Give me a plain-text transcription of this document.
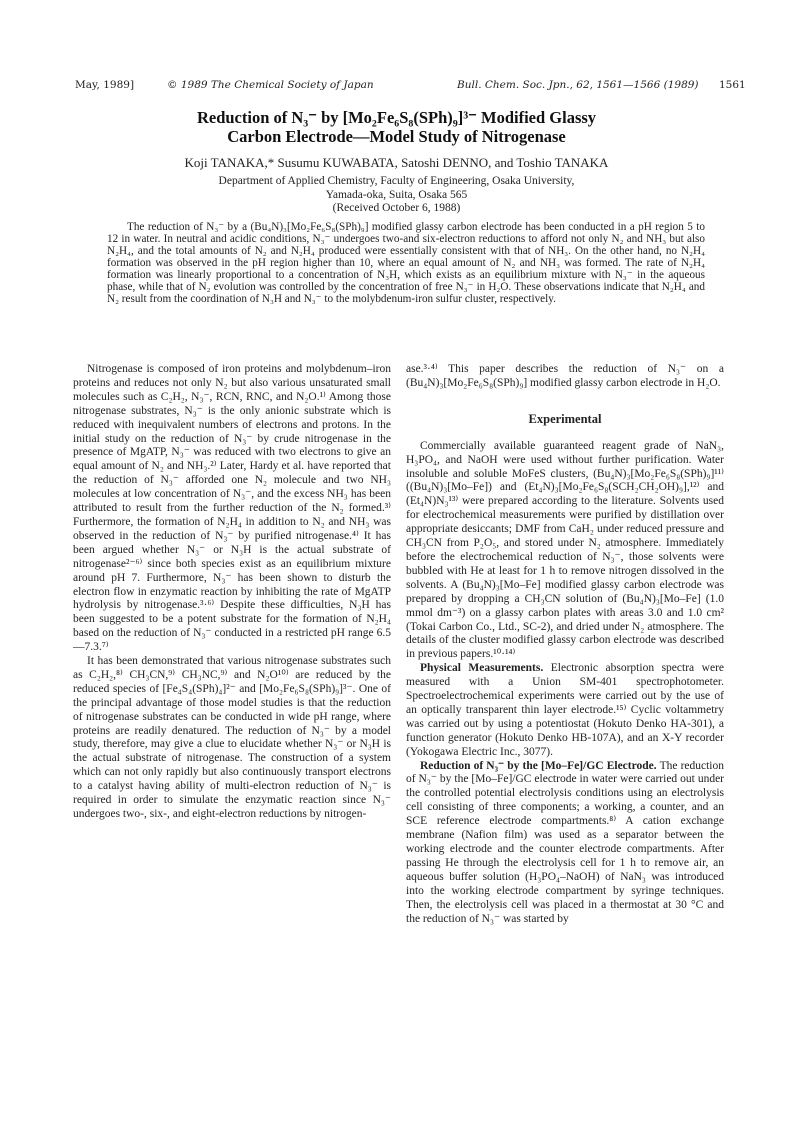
May, 1989]	© 1989 The Chemical Society of Japan	Bull. Chem. Soc. Jpn., 62, 1561—1566 (1989) 1561
Reduction of N₃⁻ by [Mo₂Fe₆S₈(SPh)₉]³⁻ Modified Glassy
Carbon Electrode—Model Study of Nitrogenase
Koji TANAKA,* Susumu KUWABATA, Satoshi DENNO, and Toshio TANAKA
Department of Applied Chemistry, Faculty of Engineering, Osaka University,
Yamada-oka, Suita, Osaka 565
(Received October 6, 1988)
The reduction of N₃⁻ by a (Bu₄N)₃[Mo₂Fe₆S₈(SPh)₉] modified glassy carbon electrode has been conducted in a pH region 5 to 12 in water. In neutral and acidic conditions, N₃⁻ undergoes two-and six-electron reductions to afford not only N₂ and NH₃ but also N₂H₄, and the total amounts of N₂ and N₂H₄ produced were essentially consistent with that of NH₃. On the other hand, no N₂H₄ formation was observed in the pH region higher than 10, where an equal amount of N₂ and NH₃ was formed. The rate of N₂H₄ formation was linearly proportional to a concentration of N₃H, which exists as an equilibrium mixture with N₃⁻ in the aqueous phase, while that of N₂ evolution was controlled by the concentration of free N₃⁻ in H₂O. These observations indicate that N₂H₄ and N₂ result from the coordination of N₃H and N₃⁻ to the molybdenum-iron sulfur cluster, respectively.

Nitrogenase is composed of iron proteins and molybdenum–iron proteins and reduces not only N₂ but also various unsaturated small molecules such as C₂H₂, N₃⁻, RCN, RNC, and N₂O.¹⁾ Among those nitrogenase substrates, N₃⁻ is the only anionic substrate which is reduced with inequivalent numbers of electrons and protons. In the initial study on the reduction of N₃⁻ by crude nitrogenase in the presence of MgATP, N₃⁻ was reduced with two electrons to give an equal amount of N₂ and NH₃.²⁾ Later, Hardy et al. have reported that the reduction of N₃⁻ afforded one N₂ molecule and two NH₃ molecules at low concentration of N₃⁻, and the excess NH₃ has been attributed to result from the further reduction of the N₂ formed.³⁾ Furthermore, the formation of N₂H₄ in addition to N₂ and NH₃ was observed in the reduction of N₃⁻ by purified nitrogenase.⁴⁾ It has been argued whether N₃⁻ or N₃H is the actual substrate of nitrogenase²⁻⁶⁾ since both species exist as an equilibrium mixture around pH 7. Furthermore, N₃⁻ has been shown to disturb the electron flow in enzymatic reaction by inhibiting the rate of MgATP hydrolysis by nitrogenase.³·⁶⁾ Despite these difficulties, N₃H has been suggested to be a potent substrate for the formation of N₂H₄ based on the reduction of N₃⁻ conducted in a restricted pH range 6.5—7.3.⁷⁾

It has been demonstrated that various nitrogenase substrates such as C₂H₂,⁸⁾ CH₃CN,⁹⁾ CH₃NC,⁹⁾ and N₂O¹⁰⁾ are reduced by the reduced species of [Fe₄S₄(SPh)₄]²⁻ and [Mo₂Fe₆S₈(SPh)₉]³⁻. One of the principal advantage of those model studies is that the reduction of nitrogenase substrates can be conducted in wide pH range, where proteins are readily denatured. The reduction of N₃⁻ by a model study, therefore, may give a clue to elucidate whether N₃⁻ or N₃H is the actual substrate of nitrogenase. The construction of a system which can not only rapidly but also continuously transport electrons to a catalyst having ability of multi-electron reduction of N₃⁻ is required in order to simulate the enzymatic reaction since N₃⁻ undergoes two-, six-, and eight-electron reductions by nitrogen-

ase.³·⁴⁾ This paper describes the reduction of N₃⁻ on a (Bu₄N)₃[Mo₂Fe₆S₈(SPh)₉] modified glassy carbon electrode in H₂O.

Experimental

Commercially available guaranteed reagent grade of NaN₃, H₃PO₄, and NaOH were used without further purification. Water insoluble and soluble MoFeS clusters, (Bu₄N)₃[Mo₂Fe₆S₈(SPh)₉]¹¹⁾ ((Bu₄N)₃[Mo–Fe]) and (Et₄N)₃[Mo₂Fe₆S₈(SCH₂CH₂OH)₉],¹²⁾ and (Et₄N)N₃¹³⁾ were prepared according to the literature. Solvents used for electrochemical measurements were purified by distillation over appropriate desiccants; DMF from CaH₂ under reduced pressure and CH₃CN from P₂O₅, and stored under N₂ atmosphere. Immediately before the electrochemical reduction of N₃⁻, those solvents were bubbled with He at least for 1 h to remove nitrogen dissolved in the solvents. A (Bu₄N)₃[Mo–Fe] modified glassy carbon electrode was prepared by dropping a CH₃CN solution of (Bu₄N)₃[Mo–Fe] (1.0 mmol dm⁻³) on a glassy carbon plates with areas 3.0 and 1.0 cm² (Tokai Carbon Co., Ltd., SC-2), and dried under N₂ atmosphere. The details of the cluster modified glassy carbon electrode was described in previous papers.¹⁰·¹⁴⁾

Physical Measurements. Electronic absorption spectra were measured with a Union SM-401 spectrophotometer. Spectroelectrochemical experiments were carried out by the use of an optically transparent thin layer electrode.¹⁵⁾ Cyclic voltammetry was carried out by using a potentiostat (Hokuto Denko HA-301), a function generator (Hokuto Denko HB-107A), and an X-Y recorder (Yokogawa Electric Inc., 3077).

Reduction of N₃⁻ by the [Mo–Fe]/GC Electrode. The reduction of N₃⁻ by the [Mo–Fe]/GC electrode in water were carried out under the controlled potential electrolysis conditions using an electrolysis cell consisting of three components; a working, a counter, and an SCE reference electrode compartments.⁸⁾ A cation exchange membrane (Nafion film) was used as a separator between the working electrode and the counter electrode compartments. After passing He through the electrolysis cell for 1 h to remove air, an aqueous buffer solution (H₃PO₄–NaOH) of NaN₃ was introduced into the working electrode compartment by syringe techniques. Then, the electrolysis cell was placed in a thermostat at 30 °C and the reduction of N₃⁻ was started by
